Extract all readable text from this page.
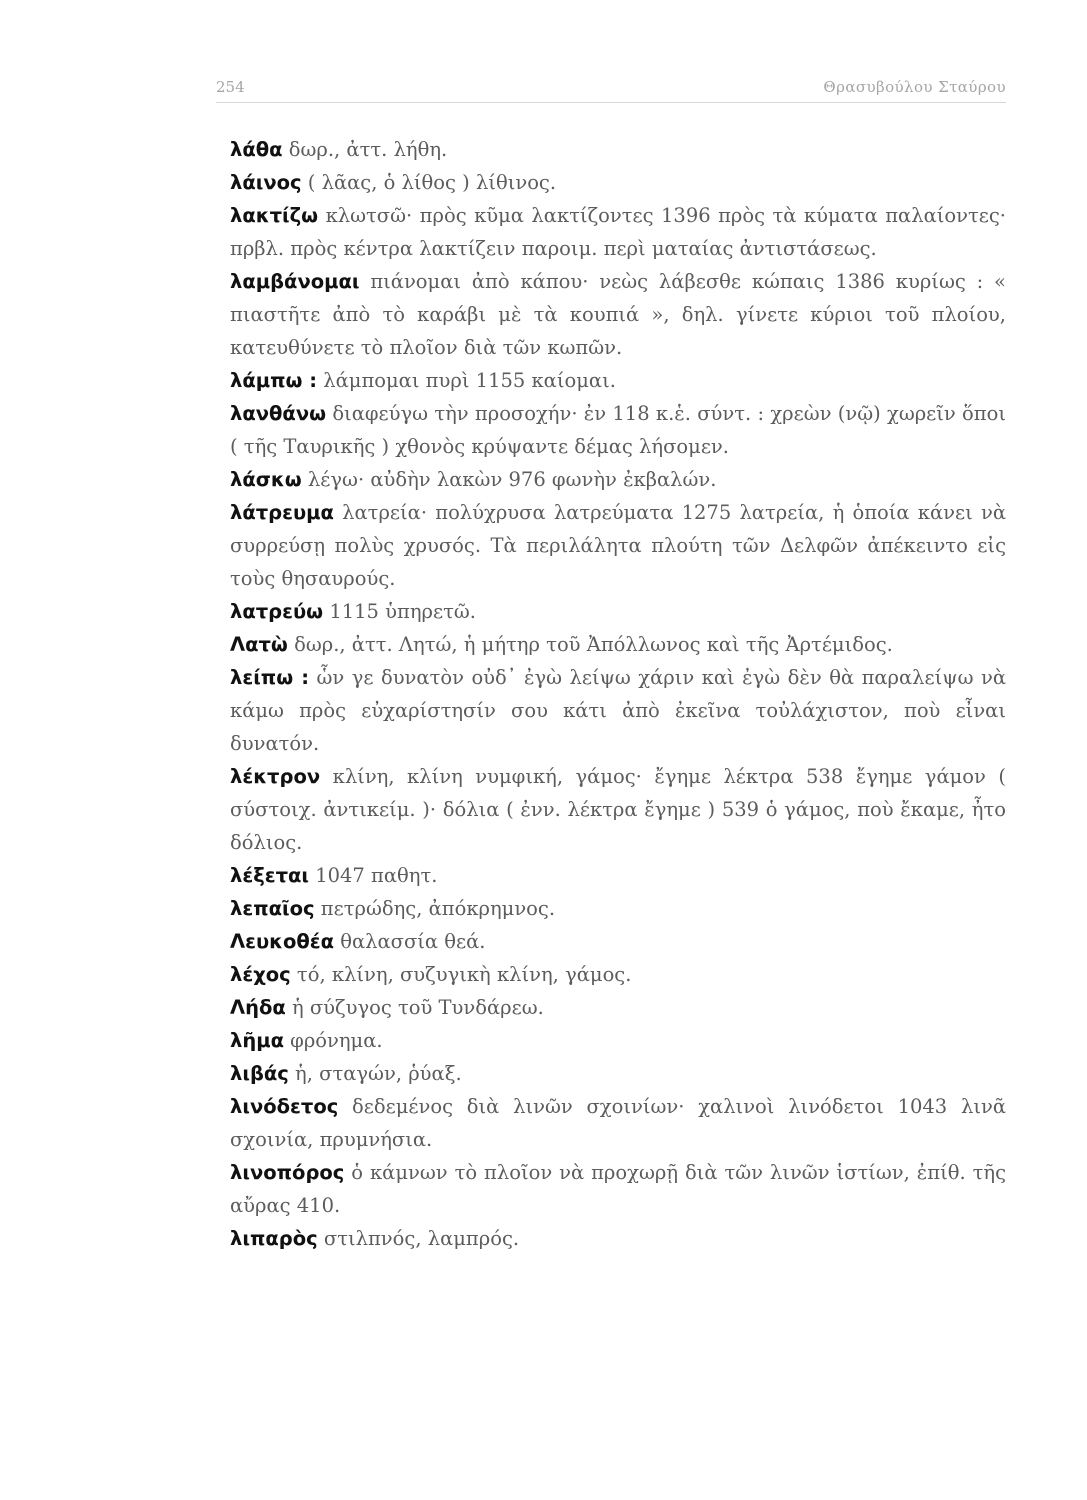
254	Θρασυβούλου Σταύρου
λάθα δωρ., ἀττ. λήθη.
λάινος ( λᾶας, ὁ λίθος ) λίθινος.
λακτίζω κλωτσῶ· πρὸς κῦμα λακτίζοντες 1396 πρὸς τὰ κύματα παλαίοντες· πρβλ. πρὸς κέντρα λακτίζειν παροιμ. περὶ ματαίας ἀντιστάσεως.
λαμβάνομαι πιάνομαι ἀπὸ κάπου· νεὼς λάβεσθε κώπαις 1386 κυρίως : « πιαστῆτε ἀπὸ τὸ καράβι μὲ τὰ κουπιά », δηλ. γίνετε κύριοι τοῦ πλοίου, κατευθύνετε τὸ πλοῖον διὰ τῶν κωπῶν.
λάμπω : λάμπομαι πυρὶ 1155 καίομαι.
λανθάνω διαφεύγω τὴν προσοχήν· ἐν 118 κ.ἑ. σύντ. : χρεὼν (νῷ) χωρεῖν ὅποι ( τῆς Ταυρικῆς ) χθονὸς κρύψαντε δέμας λήσομεν.
λάσκω λέγω· αὐδὴν λακὼν 976 φωνὴν ἐκβαλών.
λάτρευμα λατρεία· πολύχρυσα λατρεύματα 1275 λατρεία, ἡ ὁποία κάνει νὰ συρρεύσῃ πολὺς χρυσός. Τὰ περιλάλητα πλούτη τῶν Δελφῶν ἀπέκειντο εἰς τοὺς θησαυρούς.
λατρεύω 1115 ὑπηρετῶ.
Λατὼ δωρ., ἀττ. Λητώ, ἡ μήτηρ τοῦ Ἀπόλλωνος καὶ τῆς Ἀρτέμιδος.
λείπω : ὧν γε δυνατὸν οὐδ᾽ ἐγὼ λείψω χάριν καὶ ἐγὼ δὲν θὰ παραλείψω νὰ κάμω πρὸς εὐχαρίστησίν σου κάτι ἀπὸ ἐκεῖνα τοὐλάχιστον, ποὺ εἶναι δυνατόν.
λέκτρον κλίνη, κλίνη νυμφική, γάμος· ἔγημε λέκτρα 538 ἔγημε γάμον ( σύστοιχ. ἀντικείμ. )· δόλια ( ἐνν. λέκτρα ἔγημε ) 539 ὁ γάμος, ποὺ ἔκαμε, ἦτο δόλιος.
λέξεται 1047 παθητ.
λεπαῖος πετρώδης, ἀπόκρημνος.
Λευκοθέα θαλασσία θεά.
λέχος τό, κλίνη, συζυγικὴ κλίνη, γάμος.
Λήδα ἡ σύζυγος τοῦ Τυνδάρεω.
λῆμα φρόνημα.
λιβάς ἡ, σταγών, ῥύαξ.
λινόδετος δεδεμένος διὰ λινῶν σχοινίων· χαλινοὶ λινόδετοι 1043 λινᾶ σχοινία, πρυμνήσια.
λινοπόρος ὁ κάμνων τὸ πλοῖον νὰ προχωρῇ διὰ τῶν λινῶν ἱστίων, ἐπίθ. τῆς αὔρας 410.
λιπαρὸς στιλπνός, λαμπρός.
